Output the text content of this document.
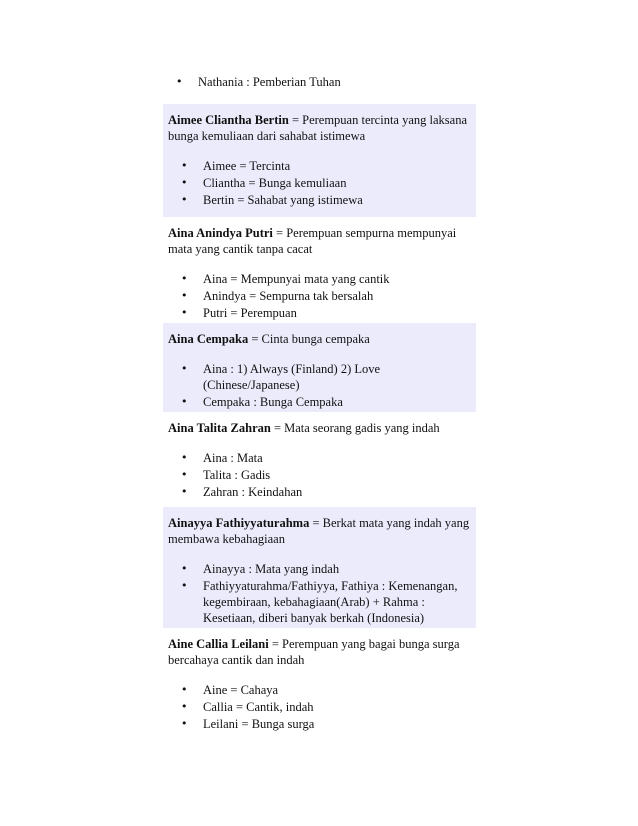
• Nathania : Pemberian Tuhan

Aimee Cliantha Bertin = Perempuan tercinta yang laksana bunga kemuliaan dari sahabat istimewa

• Aimee = Tercinta
• Cliantha = Bunga kemuliaan
• Bertin = Sahabat yang istimewa

Aina Anindya Putri = Perempuan sempurna mempunyai mata yang cantik tanpa cacat

• Aina = Mempunyai mata yang cantik
• Anindya = Sempurna tak bersalah
• Putri = Perempuan

Aina Cempaka = Cinta bunga cempaka

• Aina : 1) Always (Finland) 2) Love (Chinese/Japanese)
• Cempaka : Bunga Cempaka

Aina Talita Zahran = Mata seorang gadis yang indah

• Aina : Mata
• Talita : Gadis
• Zahran : Keindahan

Ainayya Fathiyyaturahma = Berkat mata yang indah yang membawa kebahagiaan

• Ainayya : Mata yang indah
• Fathiyyaturahma/Fathiyya, Fathiya : Kemenangan, kegembiraan, kebahagiaan(Arab) + Rahma : Kesetiaan, diberi banyak berkah (Indonesia)

Aine Callia Leilani = Perempuan yang bagai bunga surga bercahaya cantik dan indah

• Aine = Cahaya
• Callia = Cantik, indah
• Leilani = Bunga surga
